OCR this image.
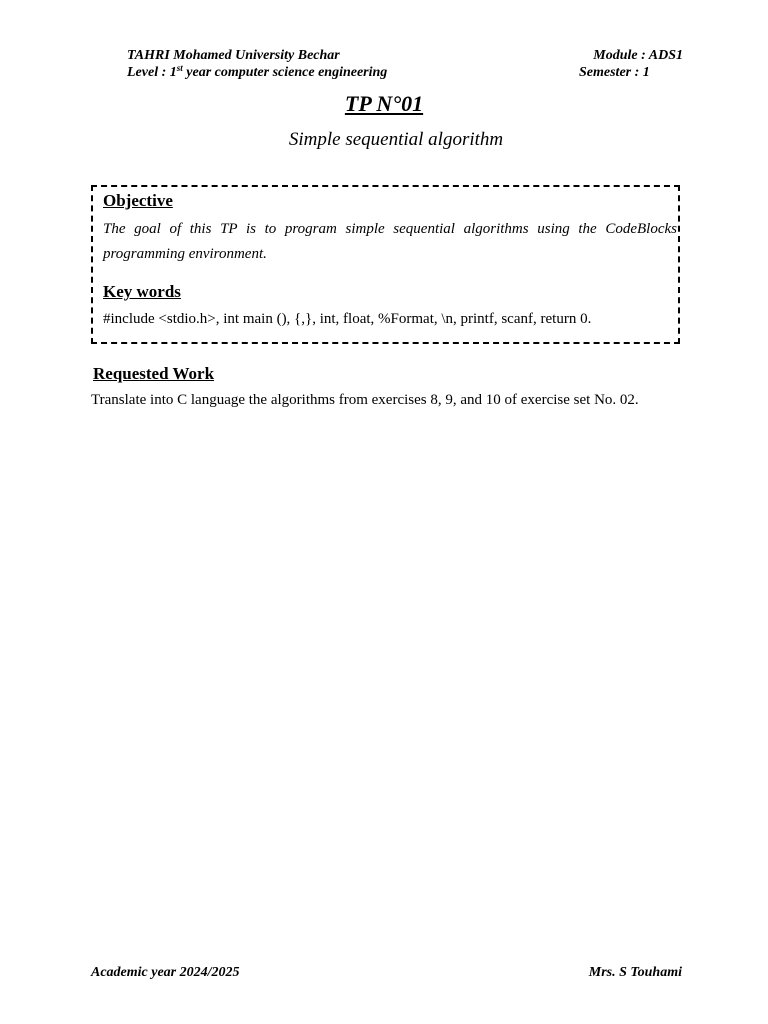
TAHRI Mohamed University Bechar
Level : 1st year computer science engineering
Module : ADS1
Semester : 1
TP N°01
Simple sequential algorithm
Objective
The goal of this TP is to program simple sequential algorithms using the CodeBlocks programming environment.
Key words
#include <stdio.h>, int main (), {,}, int, float, %Format, \n, printf, scanf, return 0.
Requested Work
Translate into C language the algorithms from exercises 8, 9, and 10 of exercise set No. 02.
Academic year 2024/2025	Mrs. S Touhami
